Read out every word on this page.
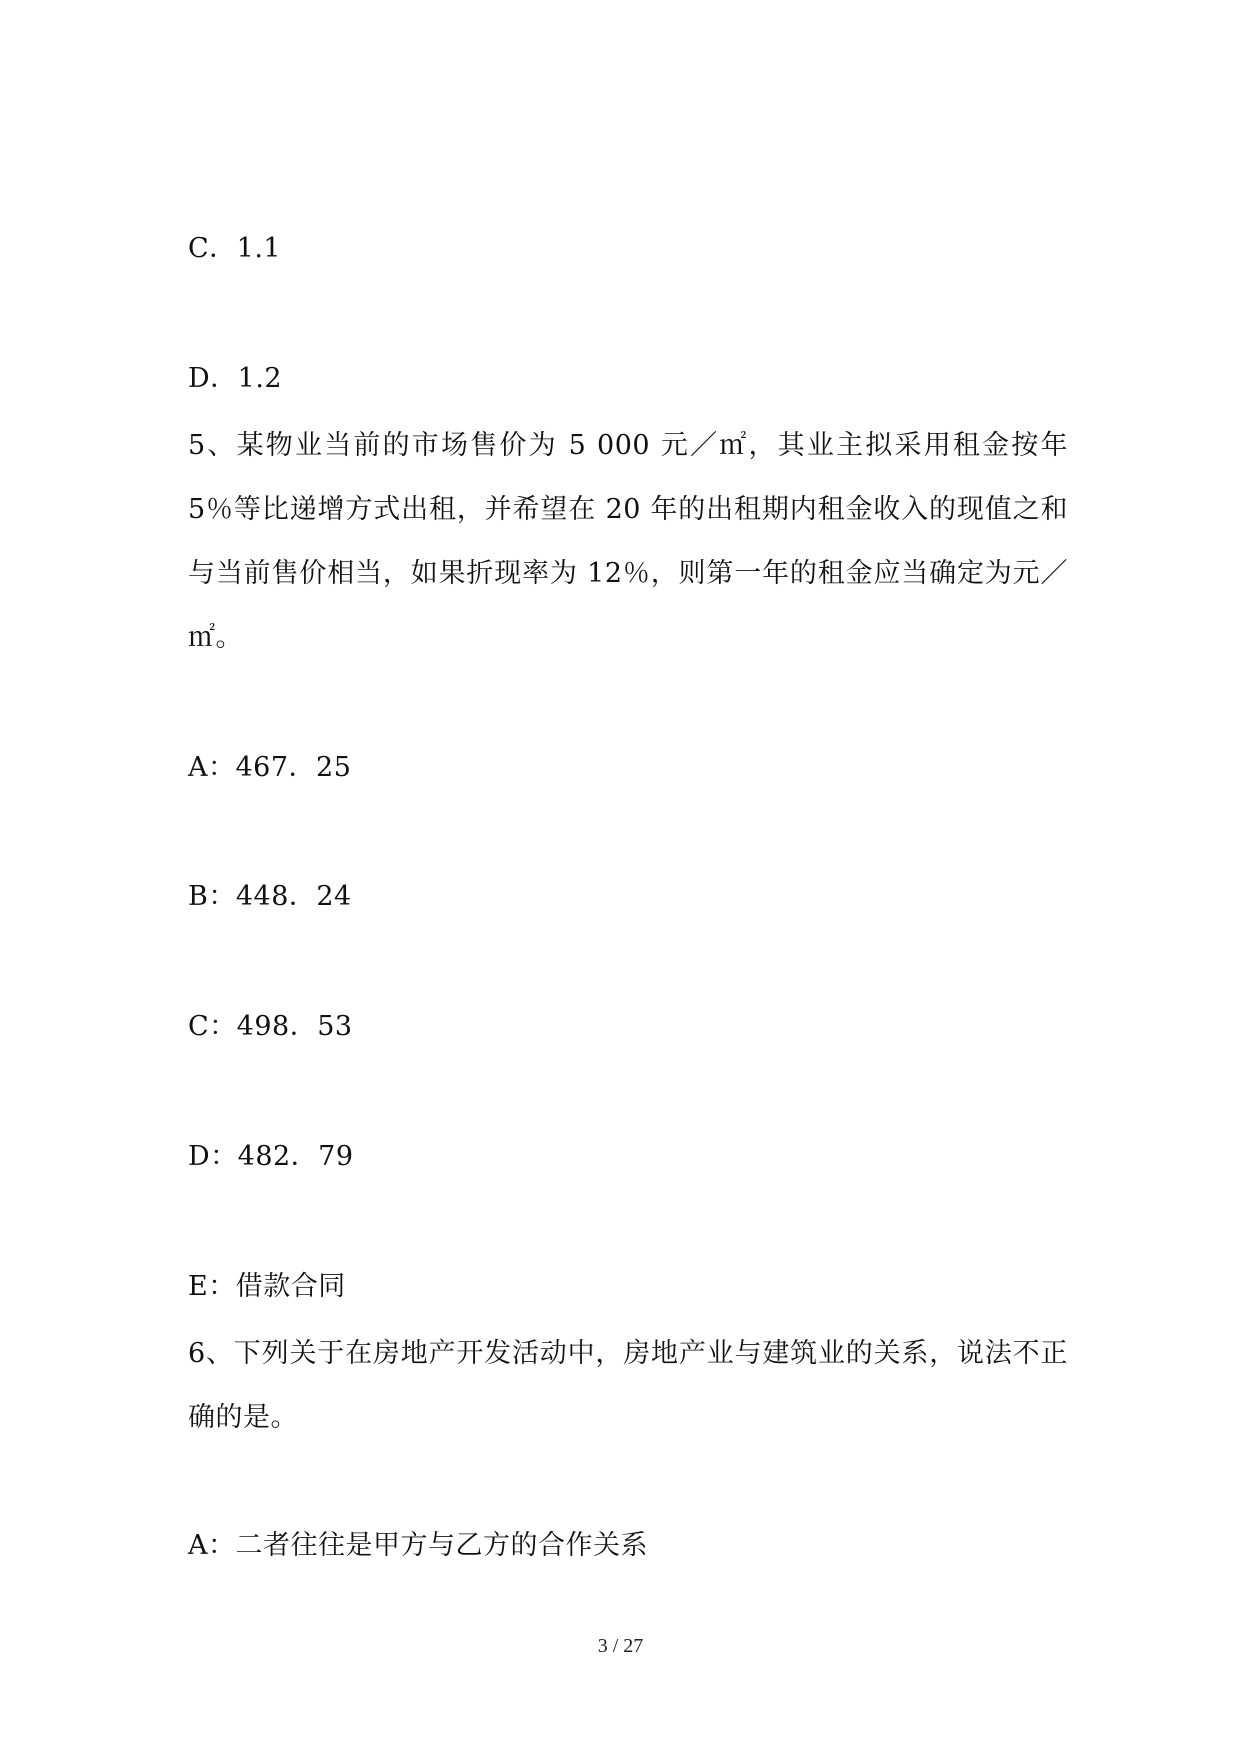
C．1.1
D．1.2
5、某物业当前的市场售价为 5 000 元／㎡，其业主拟采用租金按年 5％等比递增方式出租，并希望在 20 年的出租期内租金收入的现值之和与当前售价相当，如果折现率为 12％，则第一年的租金应当确定为元／㎡。
A：467．25
B：448．24
C：498．53
D：482．79
E：借款合同
6、下列关于在房地产开发活动中，房地产业与建筑业的关系，说法不正确的是。
A：二者往往是甲方与乙方的合作关系
3 / 27
